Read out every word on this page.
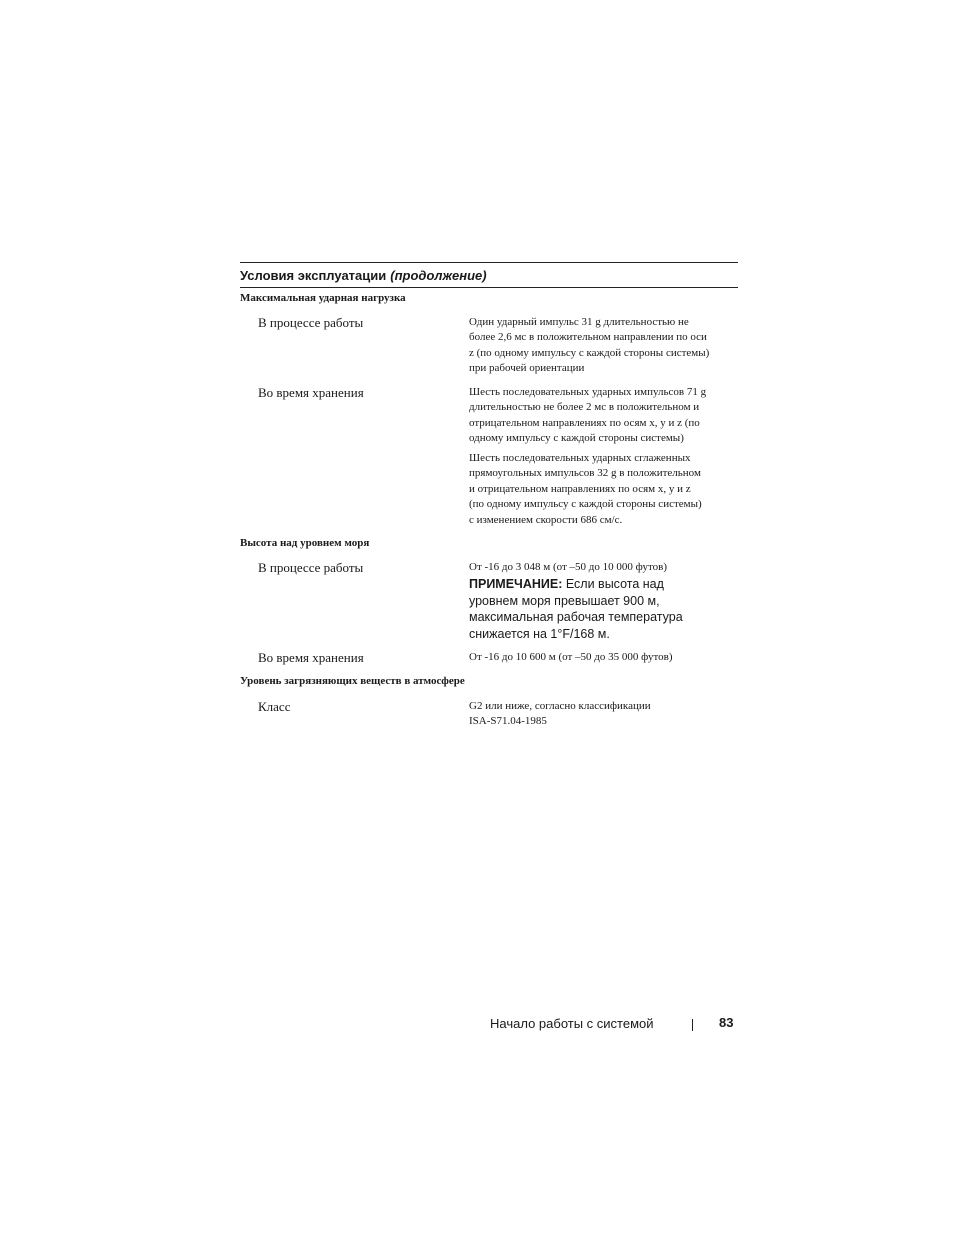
Условия эксплуатации (продолжение)
Максимальная ударная нагрузка
В процессе работы	Один ударный импульс 31 g длительностью не
более 2,6 мс в положительном направлении по оси
z (по одному импульсу с каждой стороны системы)
при рабочей ориентации
Во время хранения	Шесть последовательных ударных импульсов 71 g
длительностью не более 2 мс в положительном и
отрицательном направлениях по осям x, y и z (по
одному импульсу с каждой стороны системы)
Шесть последовательных ударных сглаженных
прямоугольных импульсов 32 g в положительном
и отрицательном направлениях по осям x, y и z
(по одному импульсу с каждой стороны системы)
с изменением скорости 686 см/с.
Высота над уровнем моря
В процессе работы	От -16 до 3 048 м (от –50 до 10 000 футов)
ПРИМЕЧАНИЕ: Если высота над
уровнем моря превышает 900 м,
максимальная рабочая температура
снижается на 1°F/168 м.
Во время хранения	От -16 до 10 600 м (от –50 до 35 000 футов)
Уровень загрязняющих веществ в атмосфере
Класс	G2 или ниже, согласно классификации
ISA-S71.04-1985
Начало работы с системой	83
